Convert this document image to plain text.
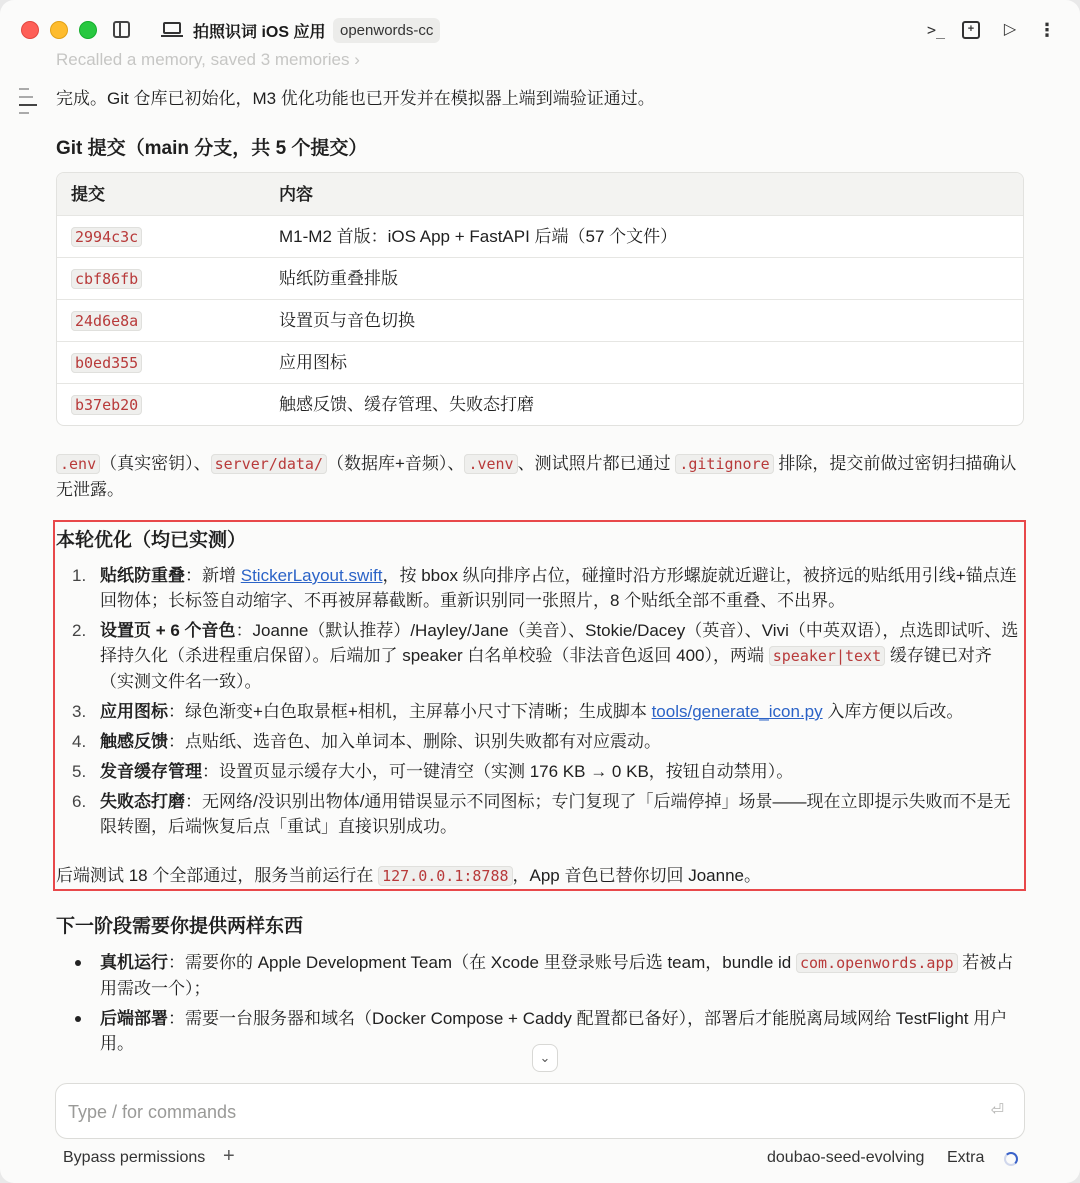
拍照识词 iOS 应用 openwords-cc	>_	+	▷ ⋮
Recalled a memory, saved 3 memories ›
完成。Git 仓库已初始化，M3 优化功能也已开发并在模拟器上端到端验证通过。
Git 提交（main 分支，共 5 个提交）
提交	内容
2994c3c	M1-M2 首版：iOS App + FastAPI 后端（57 个文件）
cbf86fb	贴纸防重叠排版
24d6e8a	设置页与音色切换
b0ed355	应用图标
b37eb20	触感反馈、缓存管理、失败态打磨
.env （真实密钥）、 server/data/ （数据库+音频）、 .venv 、测试照片都已通过 .gitignore 排除，提交前做过密钥扫描确认无泄露。
本轮优化（均已实测）
1. 贴纸防重叠：新增 StickerLayout.swift，按 bbox 纵向排序占位，碰撞时沿方形螺旋就近避让，被挤远的贴纸用引线+锚点连回物体；长标签自动缩字、不再被屏幕截断。重新识别同一张照片，8 个贴纸全部不重叠、不出界。
2. 设置页 + 6 个音色：Joanne（默认推荐）/Hayley/Jane（美音）、Stokie/Dacey（英音）、Vivi（中英双语），点选即试听、选择持久化（杀进程重启保留）。后端加了 speaker 白名单校验（非法音色返回 400），两端 speaker|text 缓存键已对齐（实测文件名一致）。
3. 应用图标：绿色渐变+白色取景框+相机，主屏幕小尺寸下清晰；生成脚本 tools/generate_icon.py 入库方便以后改。
4. 触感反馈：点贴纸、选音色、加入单词本、删除、识别失败都有对应震动。
5. 发音缓存管理：设置页显示缓存大小，可一键清空（实测 176 KB → 0 KB，按钮自动禁用）。
6. 失败态打磨：无网络/没识别出物体/通用错误显示不同图标；专门复现了「后端停掉」场景——现在立即提示失败而不是无限转圈，后端恢复后点「重试」直接识别成功。
后端测试 18 个全部通过，服务当前运行在 127.0.0.1:8788 ，App 音色已替你切回 Joanne。
下一阶段需要你提供两样东西
真机运行：需要你的 Apple Development Team（在 Xcode 里登录账号后选 team，bundle id com.openwords.app 若被占用需改一个）；
后端部署：需要一台服务器和域名（Docker Compose + Caddy 配置都已备好），部署后才能脱离局域网给 TestFlight 用户用。
⌄
Type / for commands
⏎
Bypass permissions +	doubao-seed-evolving Extra
